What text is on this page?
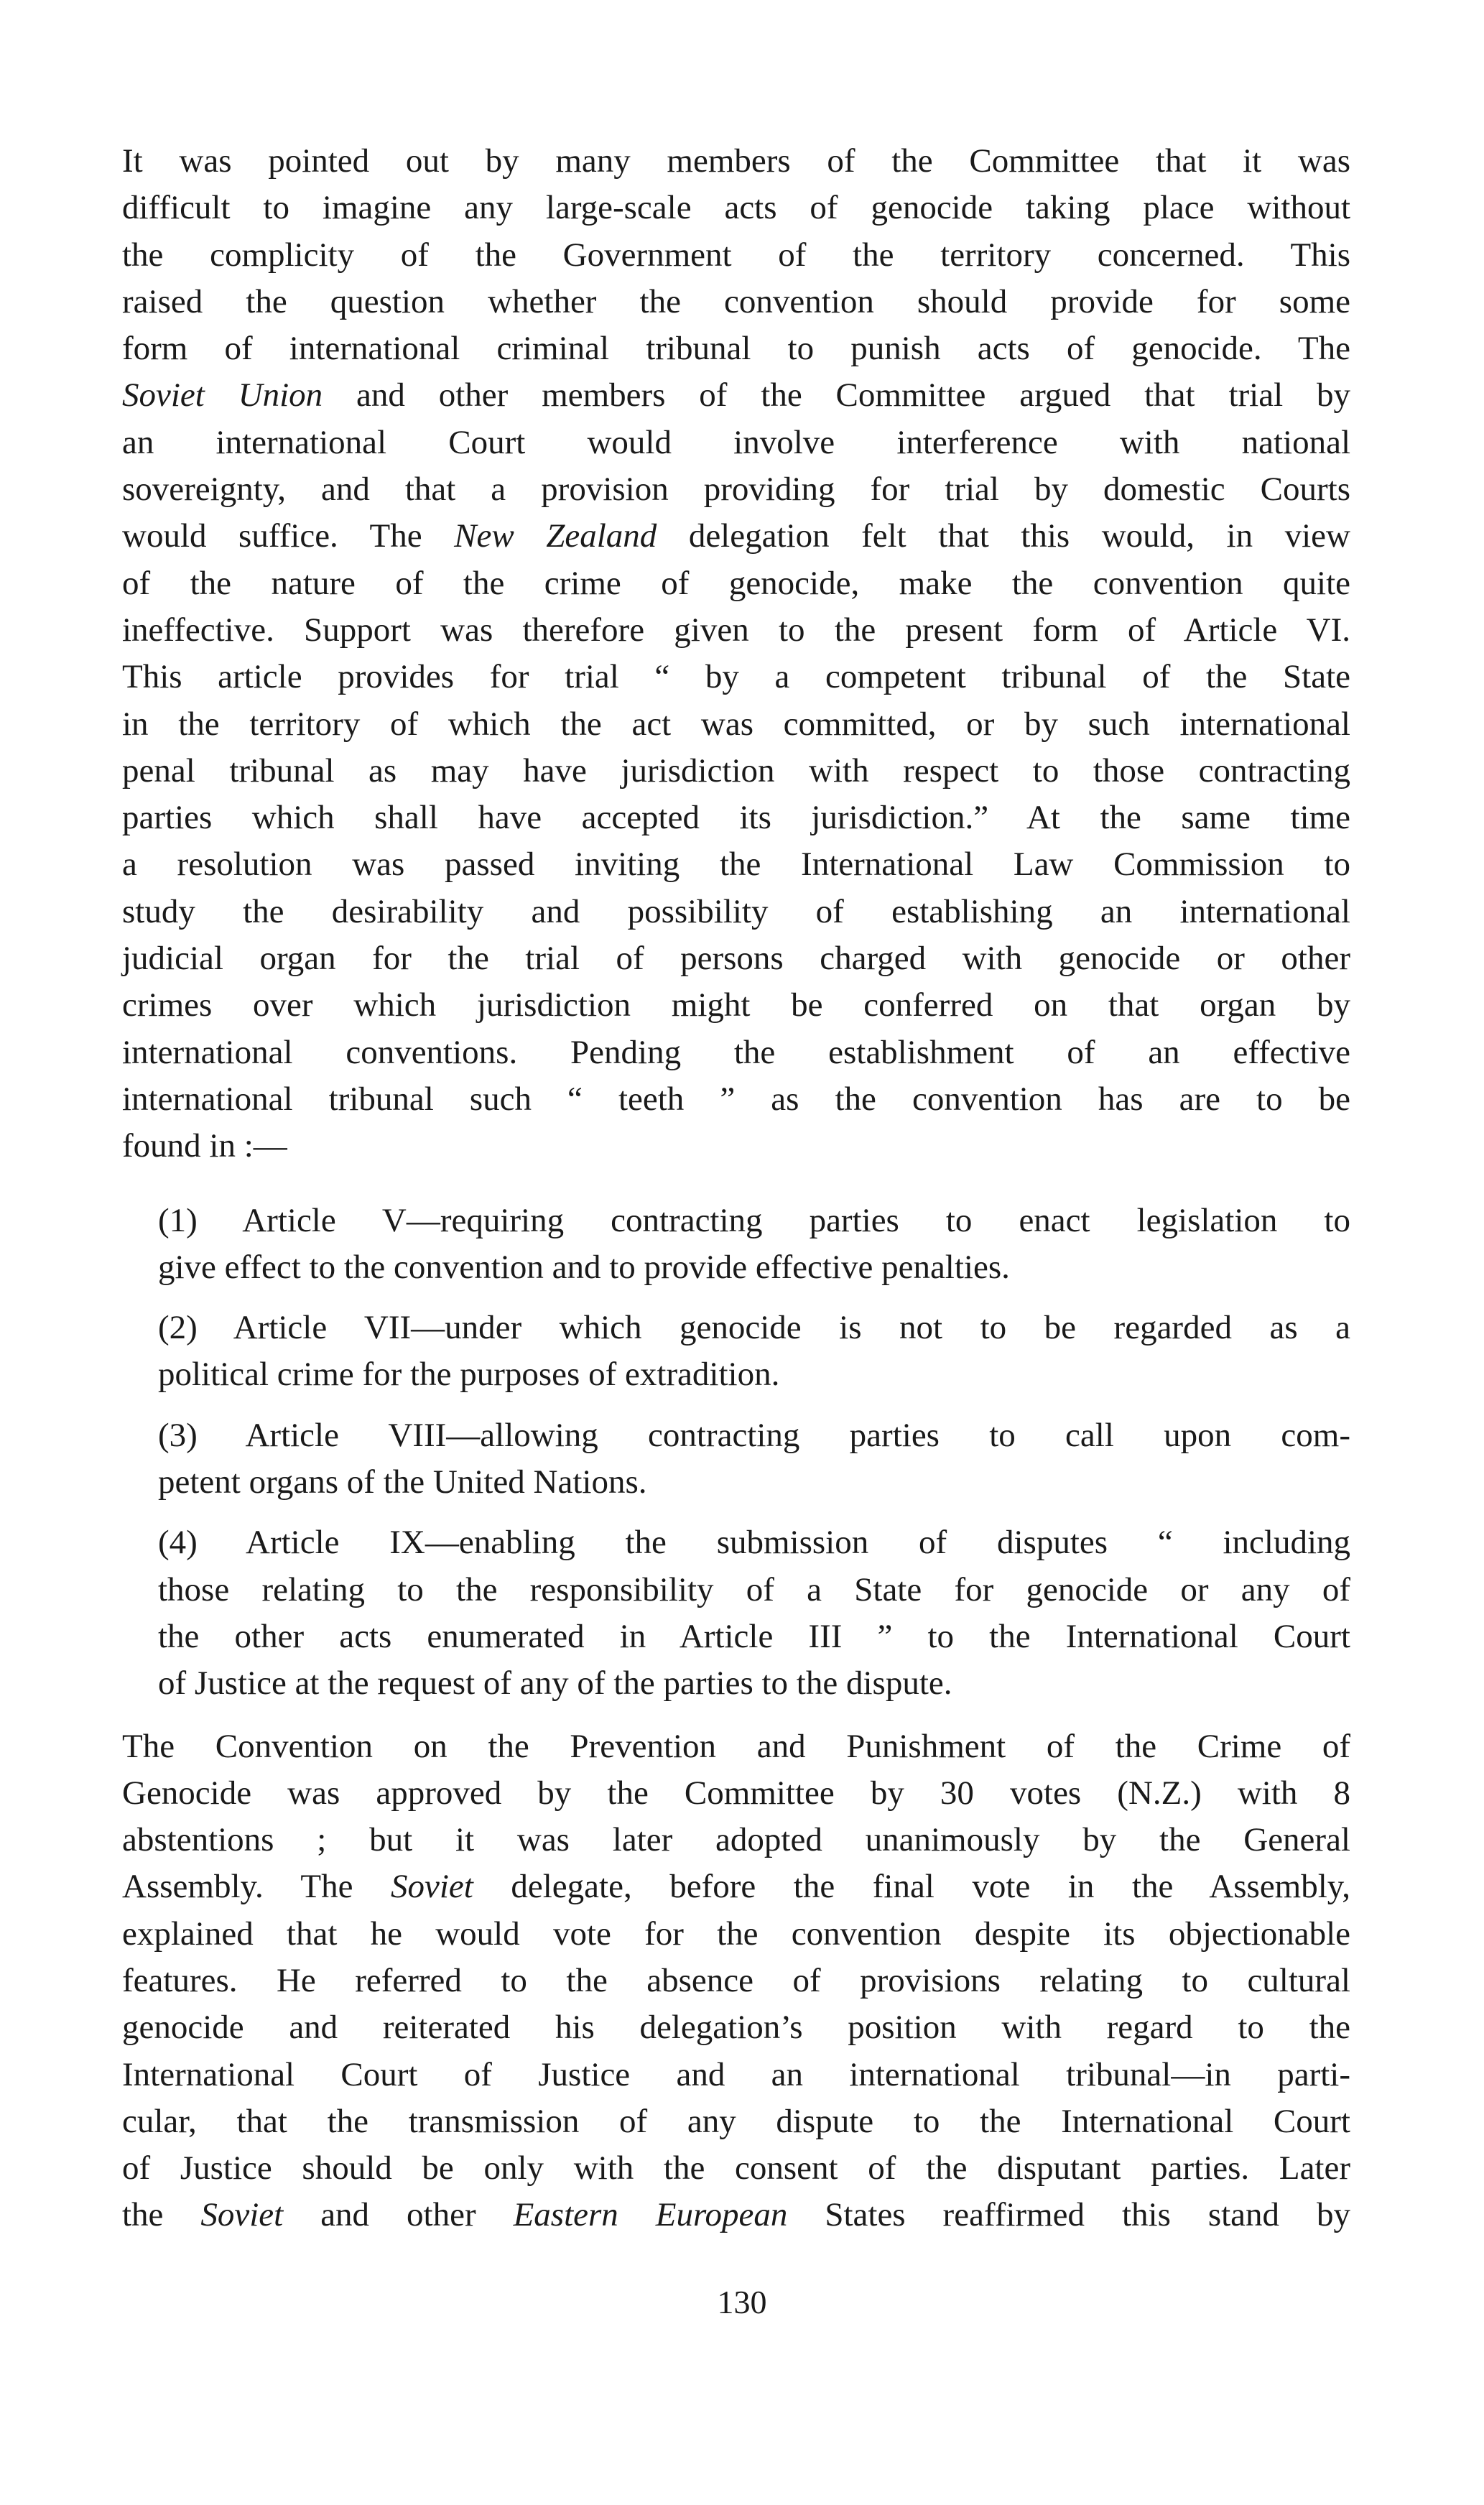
It was pointed out by many members of the Committee that it was
difficult to imagine any large-scale acts of genocide taking place without
the complicity of the Government of the territory concerned. This
raised the question whether the convention should provide for some
form of international criminal tribunal to punish acts of genocide. The
Soviet Union and other members of the Committee argued that trial by
an international Court would involve interference with national
sovereignty, and that a provision providing for trial by domestic Courts
would suffice. The New Zealand delegation felt that this would, in view
of the nature of the crime of genocide, make the convention quite
ineffective. Support was therefore given to the present form of Article VI.
This article provides for trial “ by a competent tribunal of the State
in the territory of which the act was committed, or by such international
penal tribunal as may have jurisdiction with respect to those contracting
parties which shall have accepted its jurisdiction.” At the same time
a resolution was passed inviting the International Law Commission to
study the desirability and possibility of establishing an international
judicial organ for the trial of persons charged with genocide or other
crimes over which jurisdiction might be conferred on that organ by
international conventions. Pending the establishment of an effective
international tribunal such “ teeth ” as the convention has are to be
found in :—

(1) Article V—requiring contracting parties to enact legislation to
give effect to the convention and to provide effective penalties.
(2) Article VII—under which genocide is not to be regarded as a
political crime for the purposes of extradition.
(3) Article VIII—allowing contracting parties to call upon com-
petent organs of the United Nations.
(4) Article IX—enabling the submission of disputes “ including
those relating to the responsibility of a State for genocide or any of
the other acts enumerated in Article III ” to the International Court
of Justice at the request of any of the parties to the dispute.

The Convention on the Prevention and Punishment of the Crime of
Genocide was approved by the Committee by 30 votes (N.Z.) with 8
abstentions ; but it was later adopted unanimously by the General
Assembly. The Soviet delegate, before the final vote in the Assembly,
explained that he would vote for the convention despite its objectionable
features. He referred to the absence of provisions relating to cultural
genocide and reiterated his delegation’s position with regard to the
International Court of Justice and an international tribunal—in parti-
cular, that the transmission of any dispute to the International Court
of Justice should be only with the consent of the disputant parties. Later
the Soviet and other Eastern European States reaffirmed this stand by

130
